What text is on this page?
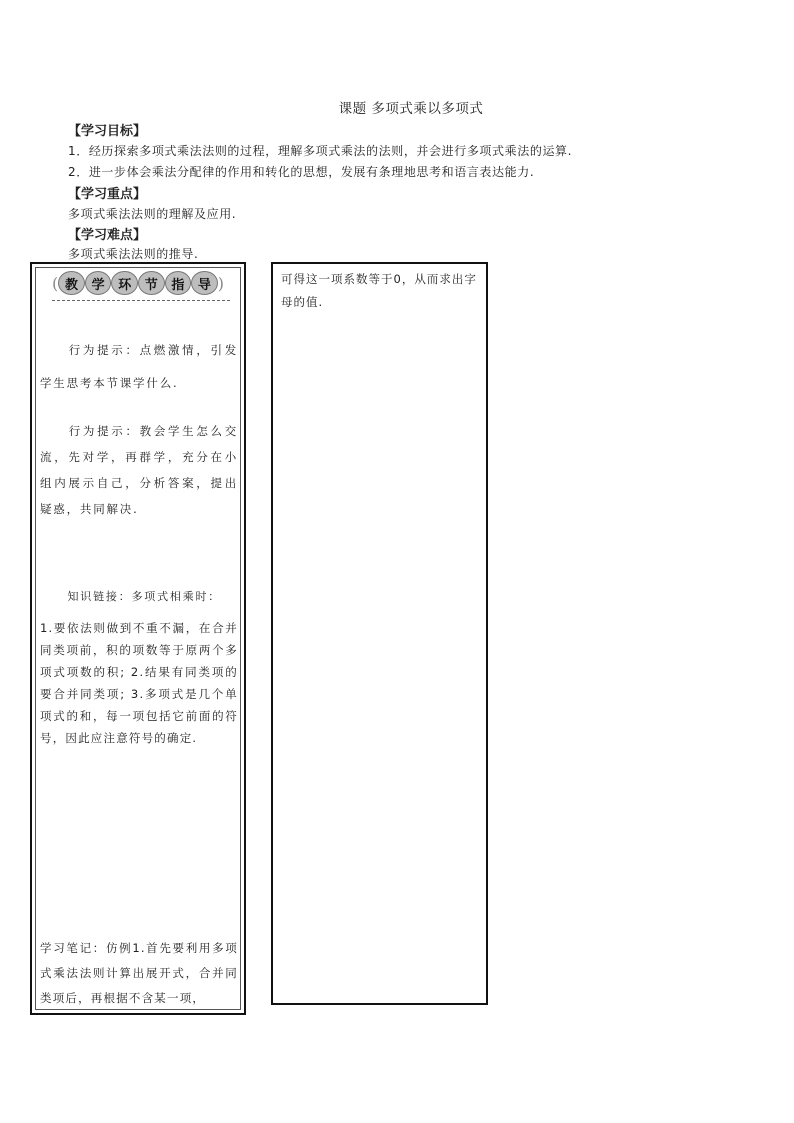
课题 多项式乘以多项式
【学习目标】
1．经历探索多项式乘法法则的过程，理解多项式乘法的法则，并会进行多项式乘法的运算.
2．进一步体会乘法分配律的作用和转化的思想，发展有条理地思考和语言表达能力.
【学习重点】
多项式乘法法则的理解及应用.
【学习难点】
多项式乘法法则的推导.
( 教	学	环	节	指	导 )
行为提示：点燃激情，引发学生思考本节课学什么.
行为提示：教会学生怎么交流，先对学，再群学，充分在小组内展示自己，分析答案，提出疑惑，共同解决.
知识链接：多项式相乘时：
1.要依法则做到不重不漏，在合并同类项前，积的项数等于原两个多项式项数的积; 2.结果有同类项的要合并同类项; 3.多项式是几个单项式的和，每一项包括它前面的符号，因此应注意符号的确定.
学习笔记：仿例1.首先要利用多项式乘法法则计算出展开式，合并同类项后，再根据不含某一项，
可得这一项系数等于0，从而求出字母的值.
